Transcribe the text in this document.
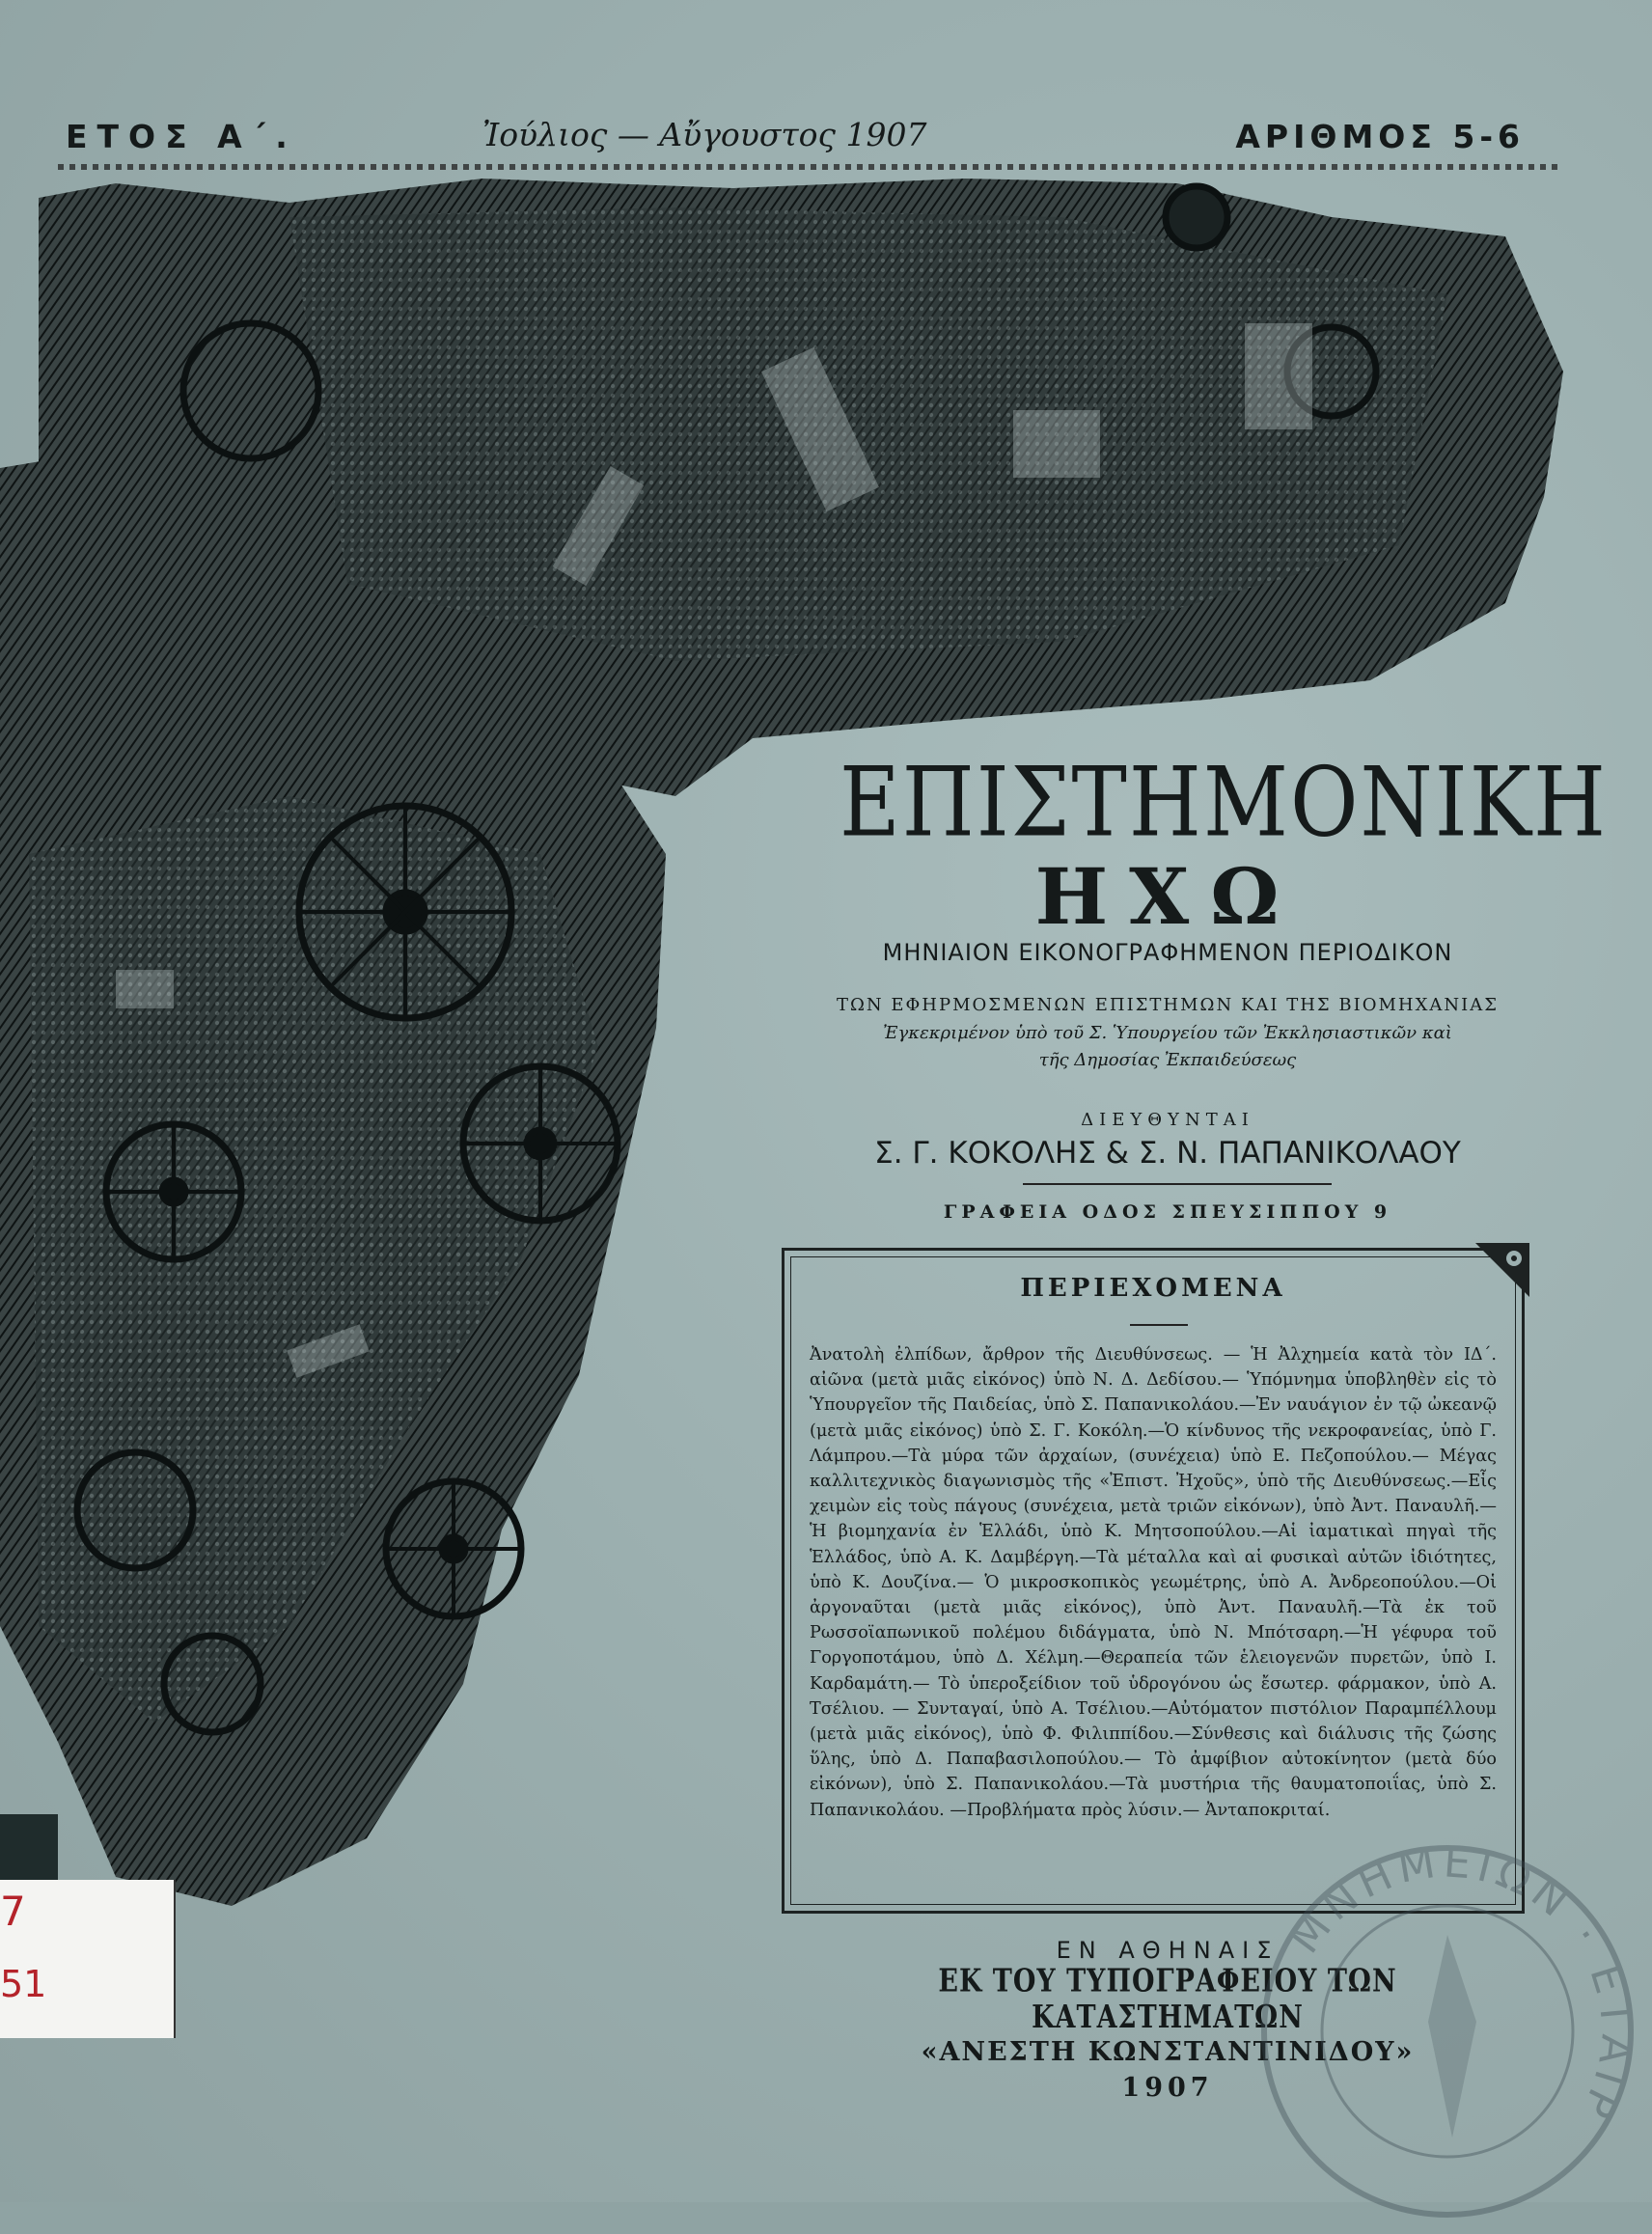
ΕΤΟΣ Α΄.	Ἰούλιος — Αὔγουστος 1907	ΑΡΙΘΜΟΣ 5-6
ΕΠΙΣΤΗΜΟΝΙΚΗ
ΗΧΩ
ΜΗΝΙΑΙΟΝ ΕΙΚΟΝΟΓΡΑΦΗΜΕΝΟΝ ΠΕΡΙΟΔΙΚΟΝ
ΤΩΝ ΕΦΗΡΜΟΣΜΕΝΩΝ ΕΠΙΣΤΗΜΩΝ ΚΑΙ ΤΗΣ ΒΙΟΜΗΧΑΝΙΑΣ
Ἐγκεκριμένον ὑπὸ τοῦ Σ. Ὑπουργείου τῶν Ἐκκλησιαστικῶν καὶ
τῆς Δημοσίας Ἐκπαιδεύσεως
ΔΙΕΥΘΥΝΤΑΙ
Σ. Γ. ΚΟΚΟΛΗΣ & Σ. Ν. ΠΑΠΑΝΙΚΟΛΑΟΥ
ΓΡΑΦΕΙΑ ΟΔΟΣ ΣΠΕΥΣΙΠΠΟΥ 9
ΠΕΡΙΕΧΟΜΕΝΑ

Ἀνατολὴ ἐλπίδων, ἄρθρον τῆς Διευθύνσεως. — Ἡ Ἀλχημεία κατὰ τὸν ΙΔ΄. αἰῶνα (μετὰ μιᾶς εἰκόνος) ὑπὸ Ν. Δ. Δεδίσου.— Ὑπόμνημα ὑποβληθὲν εἰς τὸ Ὑπουργεῖον τῆς Παιδείας, ὑπὸ Σ. Παπανικολάου.—Ἐν ναυάγιον ἐν τῷ ὠκεανῷ (μετὰ μιᾶς εἰκόνος) ὑπὸ Σ. Γ. Κοκόλη.—Ὁ κίνδυνος τῆς νεκροφανείας, ὑπὸ Γ. Λάμπρου.—Τὰ μύρα τῶν ἀρχαίων, (συνέχεια) ὑπὸ Ε. Πεζοπούλου.— Μέγας καλλιτεχνικὸς διαγωνισμὸς τῆς «Ἐπιστ. Ἠχοῦς», ὑπὸ τῆς Διευθύνσεως.—Εἷς χειμὼν εἰς τοὺς πάγους (συνέχεια, μετὰ τριῶν εἰκόνων), ὑπὸ Ἀντ. Παναυλῆ.— Ἡ βιομηχανία ἐν Ἑλλάδι, ὑπὸ Κ. Μητσοπούλου.—Αἱ ἰαματικαὶ πηγαὶ τῆς Ἑλλάδος, ὑπὸ Α. Κ. Δαμβέργη.—Τὰ μέταλλα καὶ αἱ φυσικαὶ αὐτῶν ἰδιότητες, ὑπὸ Κ. Δουζίνα.— Ὁ μικροσκοπικὸς γεωμέτρης, ὑπὸ Α. Ἀνδρεοπούλου.—Οἱ ἀργοναῦται (μετὰ μιᾶς εἰκόνος), ὑπὸ Ἀντ. Παναυλῆ.—Τὰ ἐκ τοῦ Ρωσσοϊαπωνικοῦ πολέμου διδάγματα, ὑπὸ Ν. Μπότσαρη.—Ἡ γέφυρα τοῦ Γοργοποτάμου, ὑπὸ Δ. Χέλμη.—Θεραπεία τῶν ἑλειογενῶν πυρετῶν, ὑπὸ Ι. Καρδαμάτη.— Τὸ ὑπεροξείδιον τοῦ ὑδρογόνου ὡς ἔσωτερ. φάρμακον, ὑπὸ Α. Τσέλιου. — Συνταγαί, ὑπὸ Α. Τσέλιου.—Αὐτόματον πιστόλιον Παραμπέλλουμ (μετὰ μιᾶς εἰκόνος), ὑπὸ Φ. Φιλιππίδου.—Σύνθεσις καὶ διάλυσις τῆς ζώσης ὕλης, ὑπὸ Δ. Παπαβασιλοπούλου.— Τὸ ἀμφίβιον αὐτοκίνητον (μετὰ δύο εἰκόνων), ὑπὸ Σ. Παπανικολάου.—Τὰ μυστήρια τῆς θαυματοποιΐας, ὑπὸ Σ. Παπανικολάου. —Προβλήματα πρὸς λύσιν.— Ἀνταποκριταί.

ΕΝ ΑΘΗΝΑΙΣ
ΕΚ ΤΟΥ ΤΥΠΟΓΡΑΦΕΙΟΥ ΤΩΝ ΚΑΤΑΣΤΗΜΑΤΩΝ
«ΑΝΕΣΤΗ ΚΩΝΣΤΑΝΤΙΝΙΔΟΥ»
1907
7
51
ΜΝΗΜΕΙΩΝ · ΕΤΑΙΡ
